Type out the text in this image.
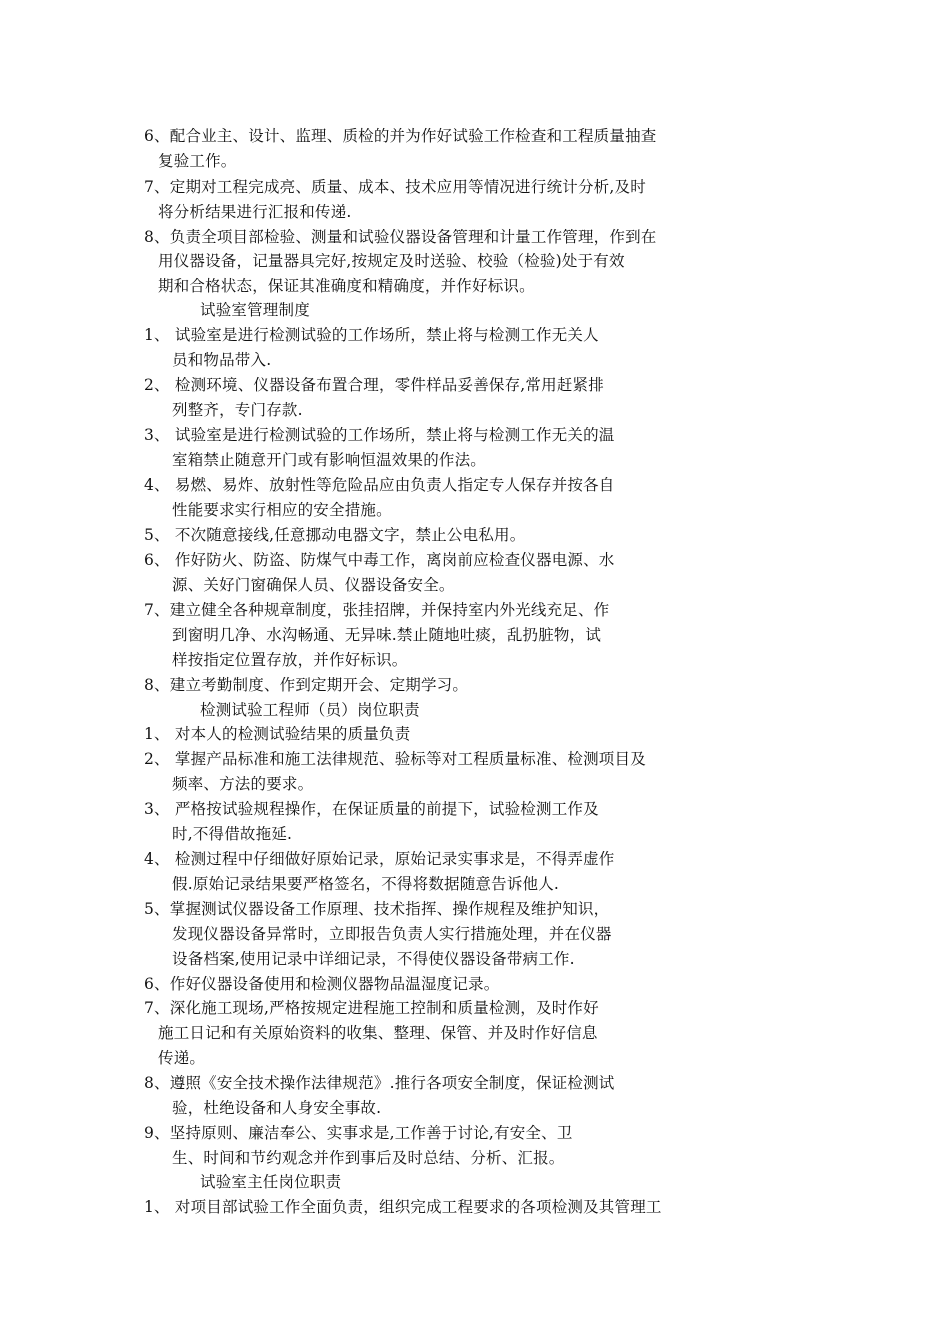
6、配合业主、设计、监理、质检的并为作好试验工作检查和工程质量抽查
复验工作。
7、定期对工程完成亮、质量、成本、技术应用等情况进行统计分析,及时
将分析结果进行汇报和传递.
8、负责全项目部检验、测量和试验仪器设备管理和计量工作管理，作到在
用仪器设备，记量器具完好,按规定及时送验、校验（检验)处于有效
期和合格状态，保证其准确度和精确度，并作好标识。
试验室管理制度
1、 试验室是进行检测试验的工作场所，禁止将与检测工作无关人
员和物品带入.
2、 检测环境、仪器设备布置合理，零件样品妥善保存,常用赶紧排
列整齐，专门存款.
3、 试验室是进行检测试验的工作场所，禁止将与检测工作无关的温
室箱禁止随意开门或有影响恒温效果的作法。
4、 易燃、易炸、放射性等危险品应由负责人指定专人保存并按各自
性能要求实行相应的安全措施。
5、 不次随意接线,任意挪动电器文字，禁止公电私用。
6、 作好防火、防盗、防煤气中毒工作，离岗前应检查仪器电源、水
源、关好门窗确保人员、仪器设备安全。
7、建立健全各种规章制度，张挂招牌，并保持室内外光线充足、作
到窗明几净、水沟畅通、无异味.禁止随地吐痰，乱扔脏物，试
样按指定位置存放，并作好标识。
8、建立考勤制度、作到定期开会、定期学习。
检测试验工程师（员）岗位职责
1、 对本人的检测试验结果的质量负责
2、 掌握产品标准和施工法律规范、验标等对工程质量标准、检测项目及
频率、方法的要求。
3、 严格按试验规程操作，在保证质量的前提下，试验检测工作及
时,不得借故拖延.
4、 检测过程中仔细做好原始记录，原始记录实事求是，不得弄虚作
假.原始记录结果要严格签名，不得将数据随意告诉他人.
5、掌握测试仪器设备工作原理、技术指挥、操作规程及维护知识，
发现仪器设备异常时，立即报告负责人实行措施处理，并在仪器
设备档案,使用记录中详细记录，不得使仪器设备带病工作.
6、作好仪器设备使用和检测仪器物品温湿度记录。
7、深化施工现场,严格按规定进程施工控制和质量检测，及时作好
施工日记和有关原始资料的收集、整理、保管、并及时作好信息
传递。
8、遵照《安全技术操作法律规范》.推行各项安全制度，保证检测试
验，杜绝设备和人身安全事故.
9、坚持原则、廉洁奉公、实事求是,工作善于讨论,有安全、卫
生、时间和节约观念并作到事后及时总结、分析、汇报。
试验室主任岗位职责
1、 对项目部试验工作全面负责，组织完成工程要求的各项检测及其管理工
